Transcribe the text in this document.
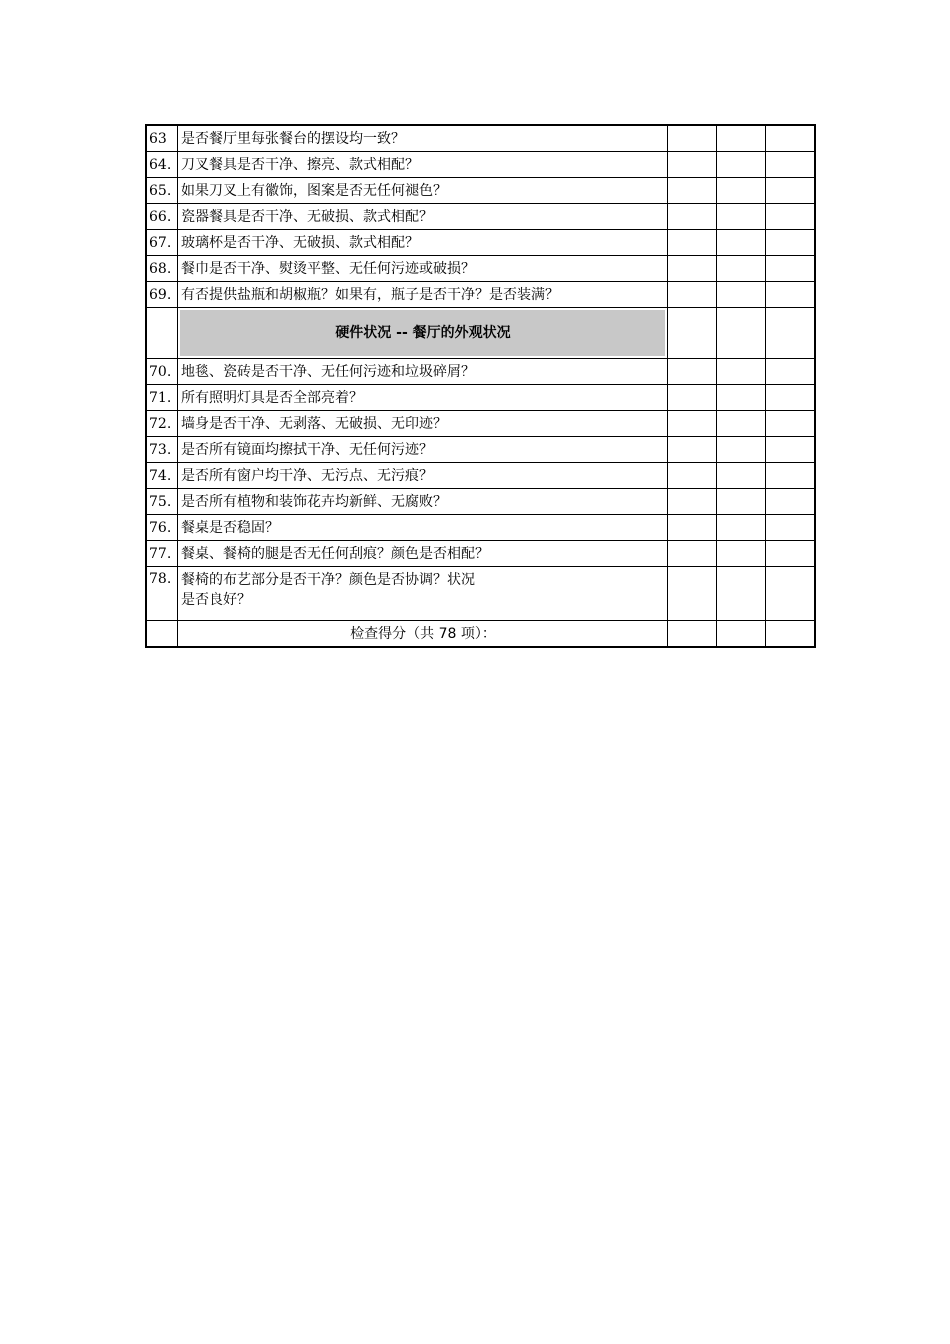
63	是否餐厅里每张餐台的摆设均一致？			
64.	刀叉餐具是否干净、擦亮、款式相配？			
65.	如果刀叉上有徽饰，图案是否无任何褪色？			
66.	瓷器餐具是否干净、无破损、款式相配？			
67.	玻璃杯是否干净、无破损、款式相配？			
68.	餐巾是否干净、熨烫平整、无任何污迹或破损？			
69.	有否提供盐瓶和胡椒瓶？如果有，瓶子是否干净？是否装满？			
	硬件状况 -- 餐厅的外观状况			
70.	地毯、瓷砖是否干净、无任何污迹和垃圾碎屑？			
71.	所有照明灯具是否全部亮着？			
72.	墙身是否干净、无剥落、无破损、无印迹？			
73.	是否所有镜面均擦拭干净、无任何污迹？			
74.	是否所有窗户均干净、无污点、无污痕？			
75.	是否所有植物和装饰花卉均新鲜、无腐败？			
76.	餐桌是否稳固？			
77.	餐桌、餐椅的腿是否无任何刮痕？颜色是否相配？			
78.	餐椅的布艺部分是否干净？颜色是否协调？状况
是否良好？			

	检查得分（共 78 项）：			
